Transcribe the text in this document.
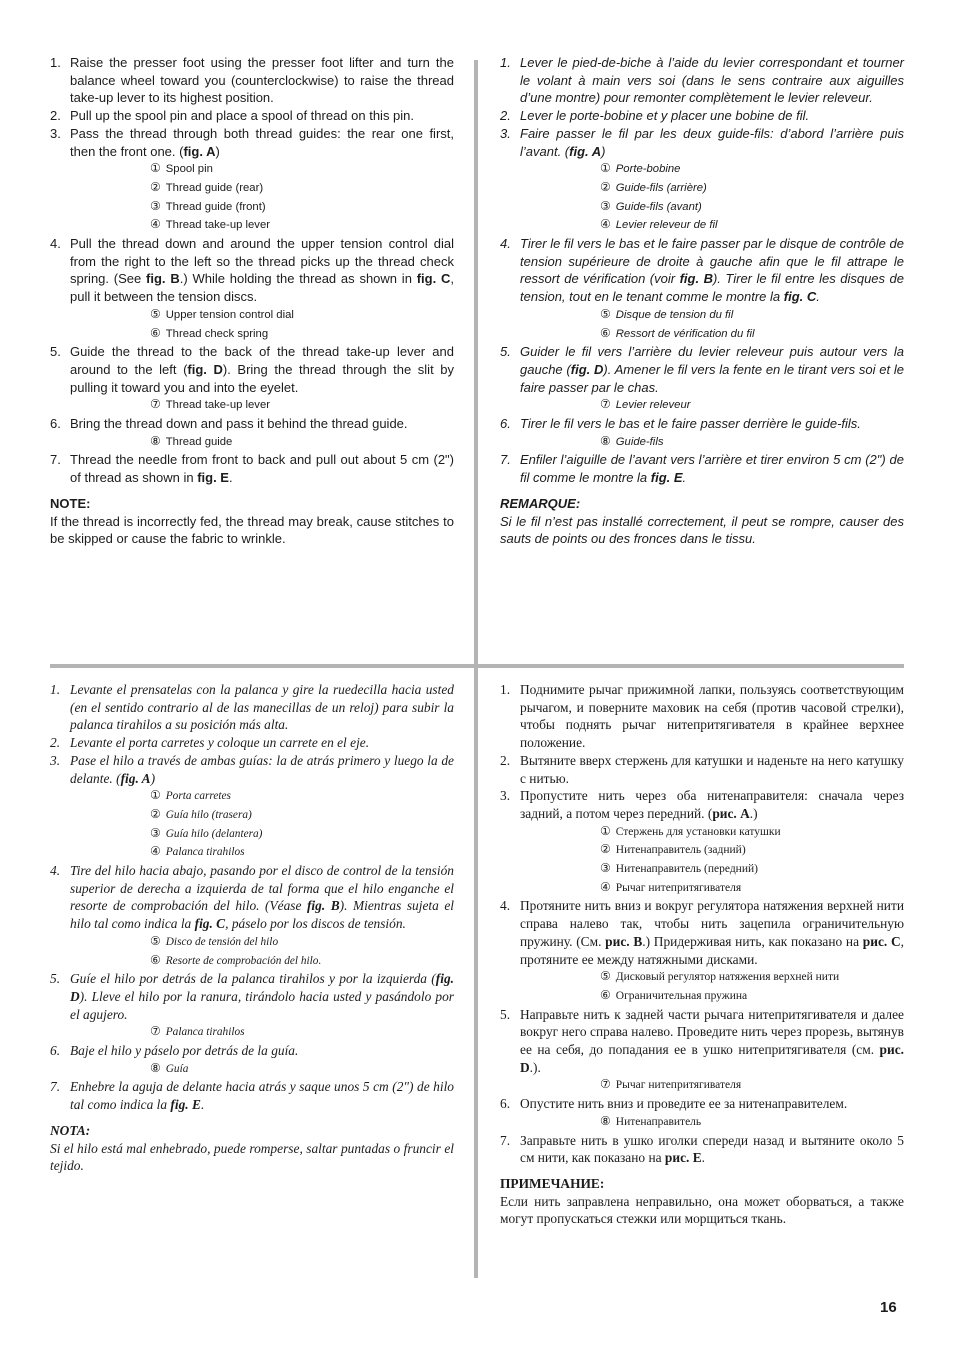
1. Raise the presser foot using the presser foot lifter and turn the balance wheel toward you (counterclockwise) to raise the thread take-up lever to its highest position.
2. Pull up the spool pin and place a spool of thread on this pin.
3. Pass the thread through both thread guides: the rear one first, then the front one. (fig. A)
① Spool pin
② Thread guide (rear)
③ Thread guide (front)
④ Thread take-up lever
4. Pull the thread down and around the upper tension control dial from the right to the left so the thread picks up the thread check spring. (See fig. B.) While holding the thread as shown in fig. C, pull it between the tension discs.
⑤ Upper tension control dial
⑥ Thread check spring
5. Guide the thread to the back of the thread take-up lever and around to the left (fig. D). Bring the thread through the slit by pulling it toward you and into the eyelet.
⑦ Thread take-up lever
6. Bring the thread down and pass it behind the thread guide.
⑧ Thread guide
7. Thread the needle from front to back and pull out about 5 cm (2") of thread as shown in fig. E.
NOTE:
If the thread is incorrectly fed, the thread may break, cause stitches to be skipped or cause the fabric to wrinkle.
1. Lever le pied-de-biche à l’aide du levier correspondant et tourner le volant à main vers soi (dans le sens contraire aux aiguilles d’une montre) pour remonter complètement le levier releveur.
2. Lever le porte-bobine et y placer une bobine de fil.
3. Faire passer le fil par les deux guide-fils: d’abord l’arrière puis l’avant. (fig. A)
① Porte-bobine
② Guide-fils (arrière)
③ Guide-fils (avant)
④ Levier releveur de fil
4. Tirer le fil vers le bas et le faire passer par le disque de contrôle de tension supérieure de droite à gauche afin que le fil attrape le ressort de vérification (voir fig. B). Tirer le fil entre les disques de tension, tout en le tenant comme le montre la fig. C.
⑤ Disque de tension du fil
⑥ Ressort de vérification du fil
5. Guider le fil vers l’arrière du levier releveur puis autour vers la gauche (fig. D). Amener le fil vers la fente en le tirant vers soi et le faire passer par le chas.
⑦ Levier releveur
6. Tirer le fil vers le bas et le faire passer derrière le guide-fils.
⑧ Guide-fils
7. Enfiler l’aiguille de l’avant vers l’arrière et tirer environ 5 cm (2") de fil comme le montre la fig. E.
REMARQUE:
Si le fil n’est pas installé correctement, il peut se rompre, causer des sauts de points ou des fronces dans le tissu.
1. Levante el prensatelas con la palanca y gire la ruedecilla hacia usted (en el sentido contrario al de las manecillas de un reloj) para subir la palanca tirahilos a su posición más alta.
2. Levante el porta carretes y coloque un carrete en el eje.
3. Pase el hilo a través de ambas guías: la de atrás primero y luego la de delante. (fig. A)
① Porta carretes
② Guía hilo (trasera)
③ Guía hilo (delantera)
④ Palanca tirahilos
4. Tire del hilo hacia abajo, pasando por el disco de control de la tensión superior de derecha a izquierda de tal forma que el hilo enganche el resorte de comprobación del hilo. (Véase fig. B). Mientras sujeta el hilo tal como indica la fig. C, páselo por los discos de tensión.
⑤ Disco de tensión del hilo
⑥ Resorte de comprobación del hilo.
5. Guíe el hilo por detrás de la palanca tirahilos y por la izquierda (fig. D). Lleve el hilo por la ranura, tirándolo hacia usted y pasándolo por el agujero.
⑦ Palanca tirahilos
6. Baje el hilo y páselo por detrás de la guía.
⑧ Guía
7. Enhebre la aguja de delante hacia atrás y saque unos 5 cm (2") de hilo tal como indica la fig. E.
NOTA:
Si el hilo está mal enhebrado, puede romperse, saltar puntadas o fruncir el tejido.
1. Поднимите рычаг прижимной лапки, пользуясь соответствующим рычагом, и поверните маховик на себя (против часовой стрелки), чтобы поднять рычаг нитепритягивателя в крайнее верхнее положение.
2. Вытяните вверх стержень для катушки и наденьте на него катушку с нитью.
3. Пропустите нить через оба нитенаправителя: сначала через задний, а потом через передний. (рис. A.)
① Стержень для установки катушки
② Нитенаправитель (задний)
③ Нитенаправитель (передний)
④ Рычаг нитепритягивателя
4. Протяните нить вниз и вокруг регулятора натяжения верхней нити справа налево так, чтобы нить зацепила ограничительную пружину. (См. рис. B.) Придерживая нить, как показано на рис. C, протяните ее между натяжными дисками.
⑤ Дисковый регулятор натяжения верхней нити
⑥ Ограничительная пружина
5. Направьте нить к задней части рычага нитепритягивателя и далее вокруг него справа налево. Проведите нить через прорезь, вытянув ее на себя, до попадания ее в ушко нитепритягивателя (см. рис. D.).
⑦ Рычаг нитепритягивателя
6. Опустите нить вниз и проведите ее за нитенаправителем.
⑧ Нитенаправитель
7. Заправьте нить в ушко иголки спереди назад и вытяните около 5 см нити, как показано на рис. E.
ПРИМЕЧАНИЕ:
Если нить заправлена неправильно, она может оборваться, а также могут пропускаться стежки или морщиться ткань.
16
